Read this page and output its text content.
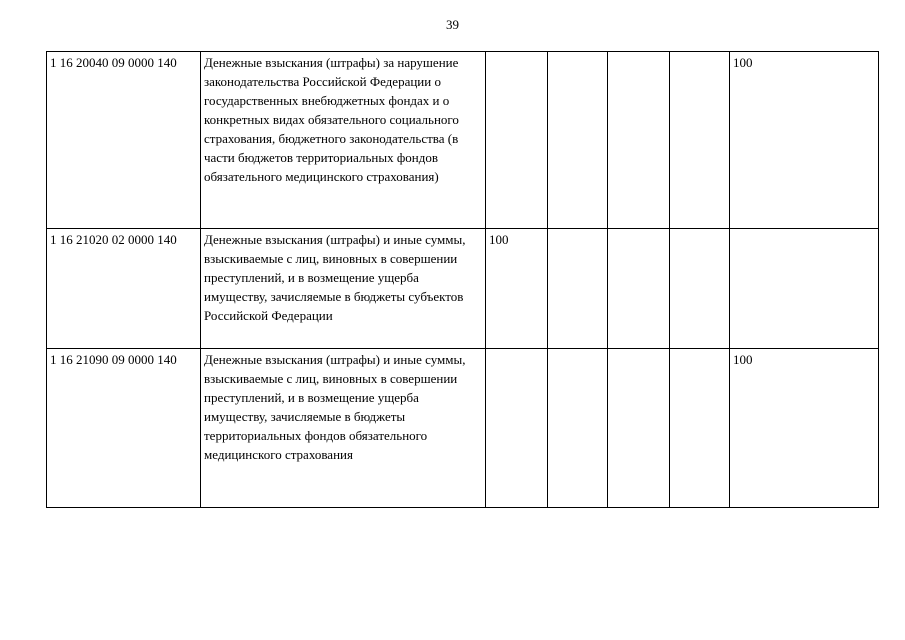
39
1 16 20040 09 0000 140	Денежные взыскания (штрафы) за нарушение законодательства Российской Федерации о государственных внебюджетных фондах и о конкретных видах обязательного социального страхования, бюджетного законодательства (в части бюджетов территориальных фондов обязательного медицинского страхования)					100
1 16 21020 02 0000 140	Денежные взыскания (штрафы) и иные суммы, взыскиваемые с лиц, виновных в совершении преступлений, и в возмещение ущерба имуществу, зачисляемые в бюджеты субъектов Российской Федерации	100				
1 16 21090 09 0000 140	Денежные взыскания (штрафы) и иные суммы, взыскиваемые с лиц, виновных в совершении преступлений, и в возмещение ущерба имуществу, зачисляемые в бюджеты территориальных фондов обязательного медицинского страхования					100
